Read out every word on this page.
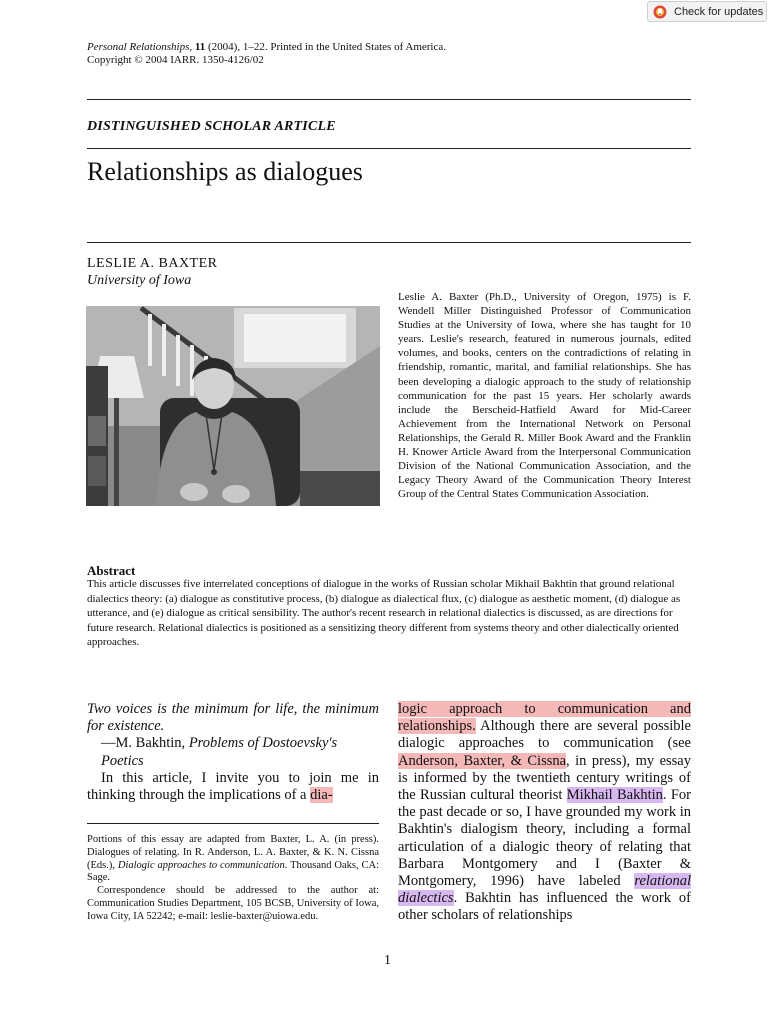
Check for updates
Personal Relationships, 11 (2004), 1–22. Printed in the United States of America.
Copyright © 2004 IARR. 1350-4126/02
DISTINGUISHED SCHOLAR ARTICLE
Relationships as dialogues
LESLIE A. BAXTER
University of Iowa
Leslie A. Baxter (Ph.D., University of Oregon, 1975) is F. Wendell Miller Distinguished Professor of Communication Studies at the University of Iowa, where she has taught for 10 years. Leslie's research, featured in numerous journals, edited volumes, and books, centers on the contradictions of relating in friendship, romantic, marital, and familial relationships. She has been developing a dialogic approach to the study of relationship communication for the past 15 years. Her scholarly awards include the Berscheid-Hatfield Award for Mid-Career Achievement from the International Network on Personal Relationships, the Gerald R. Miller Book Award and the Franklin H. Knower Article Award from the Interpersonal Communication Division of the National Communication Association, and the Legacy Theory Award of the Communication Theory Interest Group of the Central States Communication Association.
Abstract
This article discusses five interrelated conceptions of dialogue in the works of Russian scholar Mikhail Bakhtin that ground relational dialectics theory: (a) dialogue as constitutive process, (b) dialogue as dialectical flux, (c) dialogue as aesthetic moment, (d) dialogue as utterance, and (e) dialogue as critical sensibility. The author's recent research in relational dialectics is discussed, as are directions for future research. Relational dialectics is positioned as a sensitizing theory different from systems theory and other dialectically oriented approaches.

Two voices is the minimum for life, the minimum for existence.

—M. Bakhtin, Problems of Dostoevsky's Poetics

In this article, I invite you to join me in thinking through the implications of a dia-

Portions of this essay are adapted from Baxter, L. A. (in press). Dialogues of relating. In R. Anderson, L. A. Baxter, & K. N. Cissna (Eds.), Dialogic approaches to communication. Thousand Oaks, CA: Sage.

Correspondence should be addressed to the author at: Communication Studies Department, 105 BCSB, University of Iowa, Iowa City, IA 52242; e-mail: leslie-baxter@uiowa.edu.

logic approach to communication and relationships. Although there are several possible dialogic approaches to communication (see Anderson, Baxter, & Cissna, in press), my essay is informed by the twentieth century writings of the Russian cultural theorist Mikhail Bakhtin. For the past decade or so, I have grounded my work in Bakhtin's dialogism theory, including a formal articulation of a dialogic theory of relating that Barbara Montgomery and I (Baxter & Montgomery, 1996) have labeled relational dialectics. Bakhtin has influenced the work of other scholars of relationships

1
